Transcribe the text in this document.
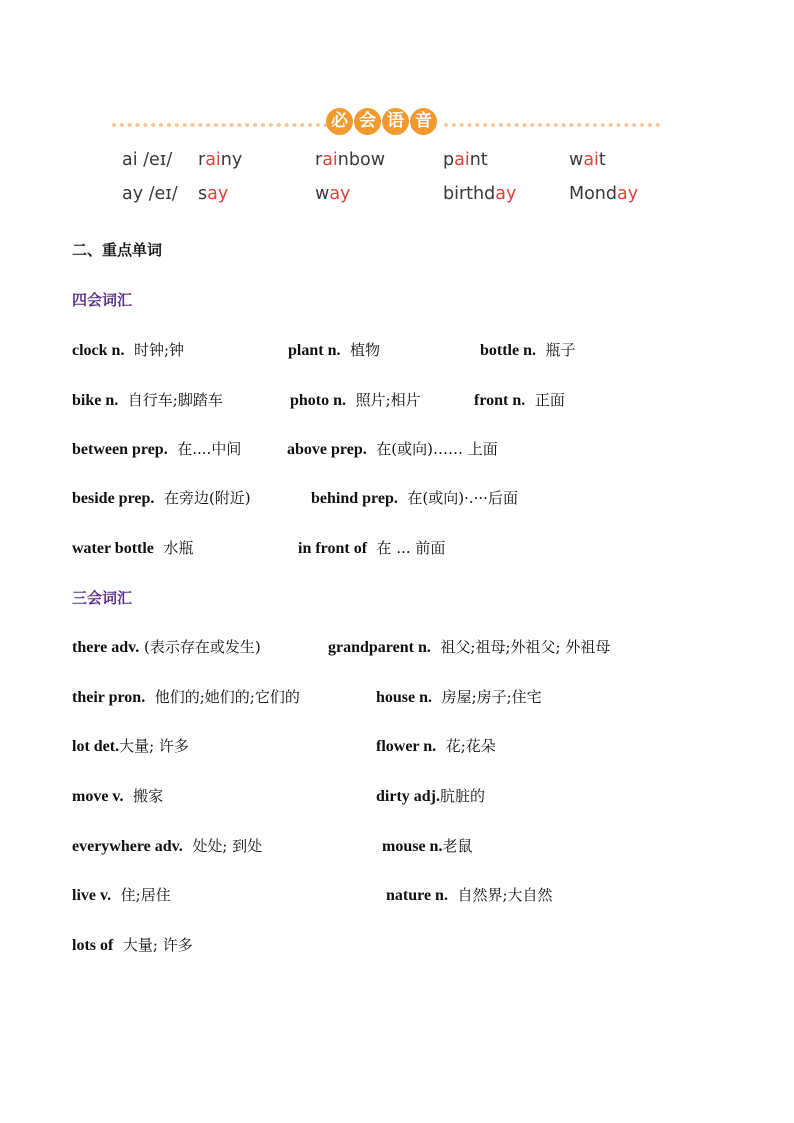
必 会 语 音
ai /eɪ/ rainy	rainbow	paint	wait
ay /eɪ/ say	way	birthday	Monday
二、重点单词
四会词汇
clock n. 时钟;钟	plant n. 植物	bottle n. 瓶子
bike n. 自行车;脚踏车	photo n. 照片;相片	front n. 正面
between prep. 在....中间	above prep. 在(或向)…… 上面
beside prep. 在旁边(附近)	behind prep. 在(或向)·.···后面
water bottle 水瓶	in front of 在 ... 前面
三会词汇
there adv. (表示存在或发生)	grandparent n. 祖父;祖母;外祖父; 外祖母
their pron. 他们的;她们的;它们的	house n. 房屋;房子;住宅
lot det.大量; 许多	flower n. 花;花朵
move v. 搬家	dirty adj.肮脏的
everywhere adv. 处处; 到处	mouse n.老鼠
live v. 住;居住	nature n. 自然界;大自然
lots of 大量; 许多
